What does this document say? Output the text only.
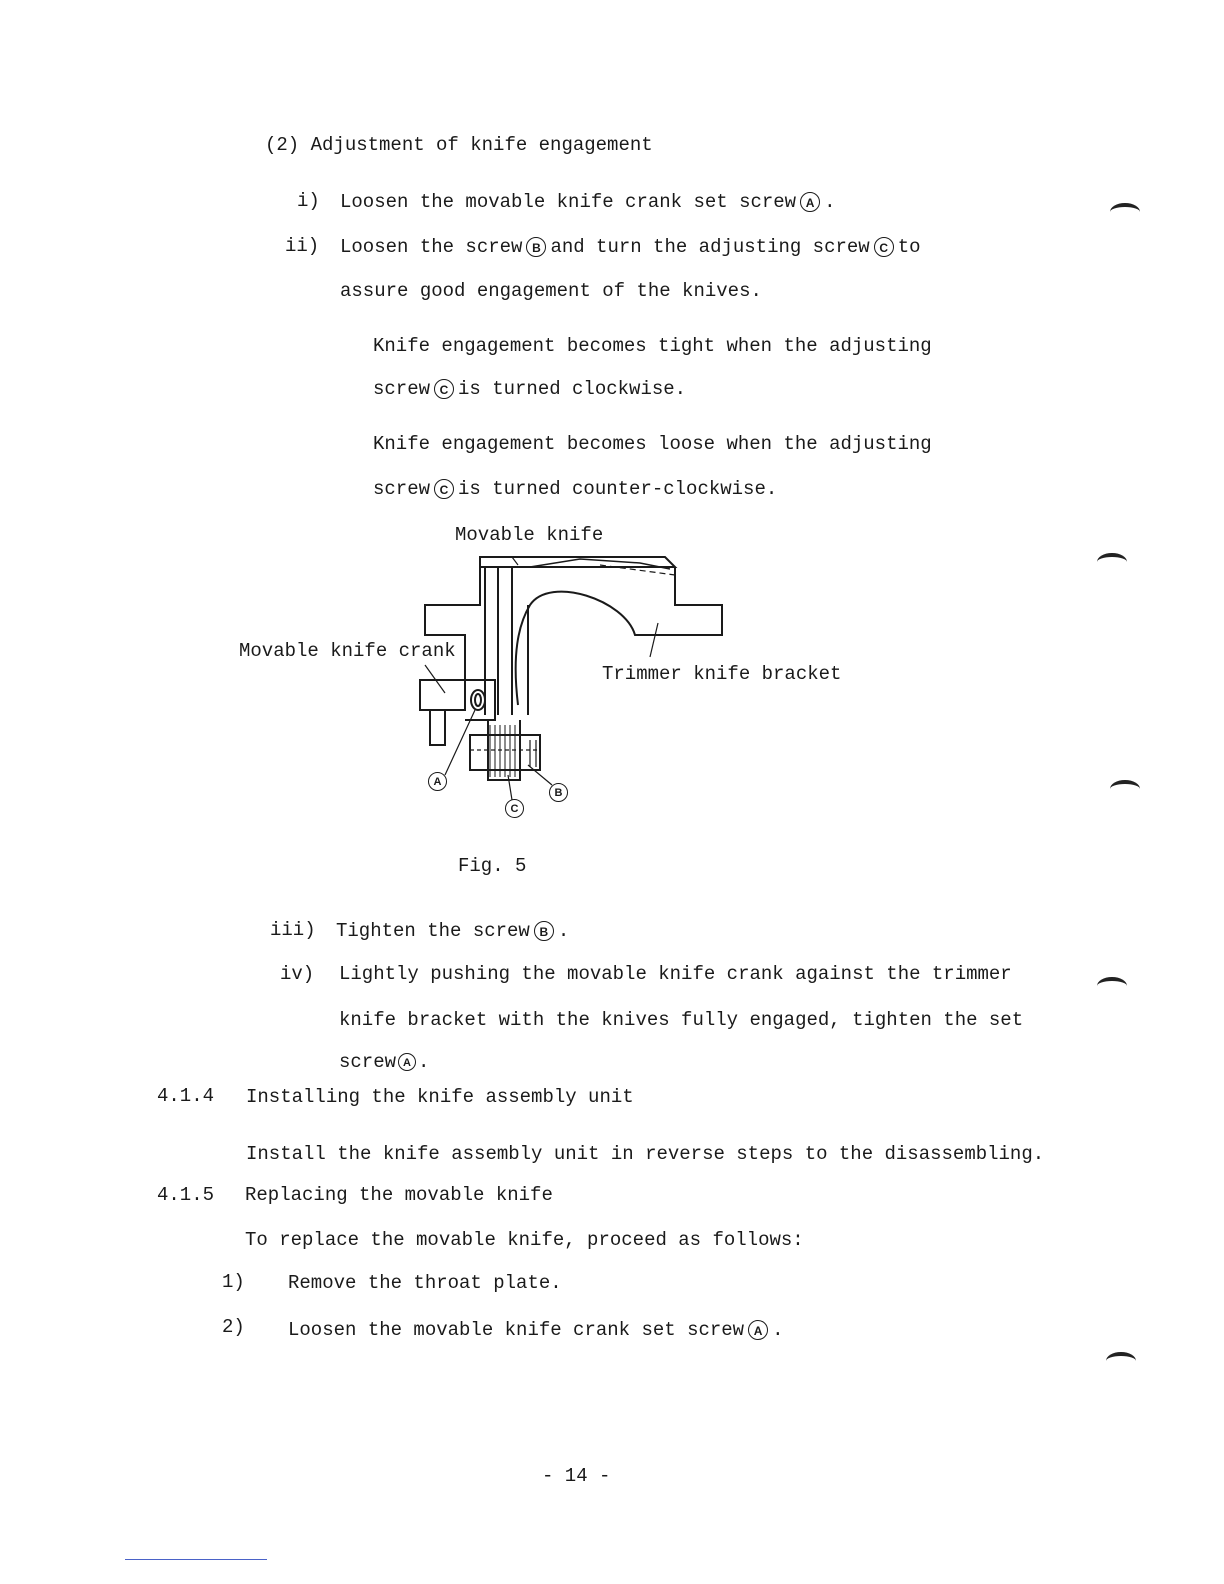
(2) Adjustment of knife engagement
i) Loosen the movable knife crank set screw A .
ii) Loosen the screw B and turn the adjusting screw C to
assure good engagement of the knives.
Knife engagement becomes tight when the adjusting
screw C is turned clockwise.
Knife engagement becomes loose when the adjusting
screw C is turned counter-clockwise.
Movable knife
Movable knife crank
Trimmer knife bracket
A
B
C
Fig. 5
iii) Tighten the screw B .
iv) Lightly pushing the movable knife crank against the trimmer
knife bracket with the knives fully engaged, tighten the set
screw A .
4.1.4 Installing the knife assembly unit
Install the knife assembly unit in reverse steps to the disassembling.
4.1.5 Replacing the movable knife
To replace the movable knife, proceed as follows:
1) Remove the throat plate.
2) Loosen the movable knife crank set screw A .
- 14 -
